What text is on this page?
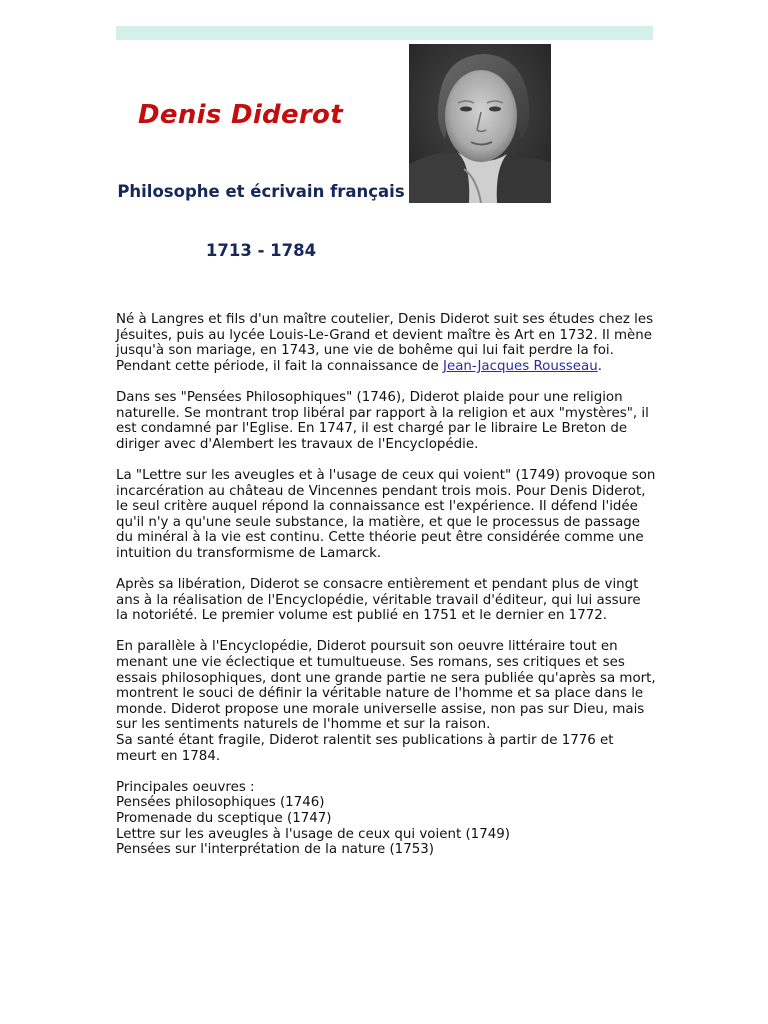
Denis Diderot

Philosophe et écrivain français

1713 - 1784

Né à Langres et fils d'un maître coutelier, Denis Diderot suit ses études chez les Jésuites, puis au lycée Louis-Le-Grand et devient maître ès Art en 1732. Il mène jusqu'à son mariage, en 1743, une vie de bohême qui lui fait perdre la foi. Pendant cette période, il fait la connaissance de Jean-Jacques Rousseau.

Dans ses "Pensées Philosophiques" (1746), Diderot plaide pour une religion naturelle. Se montrant trop libéral par rapport à la religion et aux "mystères", il est condamné par l'Eglise. En 1747, il est chargé par le libraire Le Breton de diriger avec d'Alembert les travaux de l'Encyclopédie.

La "Lettre sur les aveugles et à l'usage de ceux qui voient" (1749) provoque son incarcération au château de Vincennes pendant trois mois. Pour Denis Diderot, le seul critère auquel répond la connaissance est l'expérience. Il défend l'idée qu'il n'y a qu'une seule substance, la matière, et que le processus de passage du minéral à la vie est continu. Cette théorie peut être considérée comme une intuition du transformisme de Lamarck.

Après sa libération, Diderot se consacre entièrement et pendant plus de vingt ans à la réalisation de l'Encyclopédie, véritable travail d'éditeur, qui lui assure la notoriété. Le premier volume est publié en 1751 et le dernier en 1772.

En parallèle à l'Encyclopédie, Diderot poursuit son oeuvre littéraire tout en menant une vie éclectique et tumultueuse. Ses romans, ses critiques et ses essais philosophiques, dont une grande partie ne sera publiée qu'après sa mort, montrent le souci de définir la véritable nature de l'homme et sa place dans le monde. Diderot propose une morale universelle assise, non pas sur Dieu, mais sur les sentiments naturels de l'homme et sur la raison.

Sa santé étant fragile, Diderot ralentit ses publications à partir de 1776 et meurt en 1784.

Principales oeuvres :
Pensées philosophiques (1746)
Promenade du sceptique (1747)
Lettre sur les aveugles à l'usage de ceux qui voient (1749)
Pensées sur l'interprétation de la nature (1753)
